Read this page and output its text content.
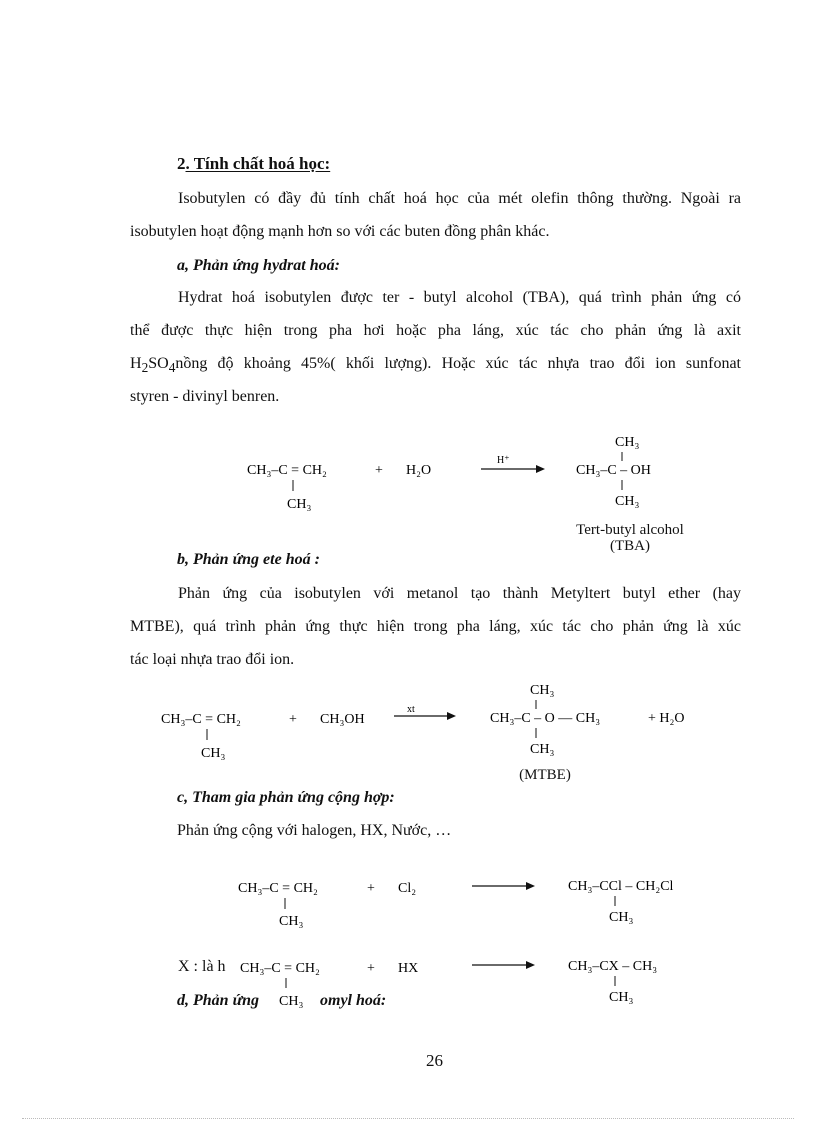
2. Tính chất hoá học:
Isobutylen có đầy đủ tính chất hoá học của mét olefin thông thường. Ngoài ra
isobutylen hoạt động mạnh hơn so với các buten đồng phân khác.
a, Phản ứng hydrat hoá:
Hydrat hoá isobutylen được ter - butyl alcohol (TBA), quá trình phản ứng có
thể được thực hiện trong pha hơi hoặc pha láng, xúc tác cho phản ứng là axit
$H_2SO_4nồng$ độ khoảng 45%( khối lượng). Hoặc xúc tác nhựa trao đổi ion sunfonat
styren - divinyl benren.
CH₃–C = CH₂
CH₃
+ H₂O
H⁺
CH₃
CH₃–C – OH
CH₃
CH₃–C = CH₂
CH₃
+ CH₃OH
xt
CH₃
CH₃–C – O — CH₃	+ H₂O
CH₃
CH₃–C = CH₂
CH₃
+ Cl₂	CH₃–CCl – CH₂Cl
CH₃
CH₃–C = CH₂
CH₃
+ HX	CH₃–CX – CH₃
CH₃
Tert-butyl alcohol
(TBA)
b, Phản ứng ete hoá :
Phản ứng của isobutylen với metanol tạo thành Metyltert butyl ether (hay
MTBE), quá trình phản ứng thực hiện trong pha láng, xúc tác cho phản ứng là xúc
tác loại nhựa trao đổi ion.
(MTBE)
c, Tham gia phản ứng cộng hợp:
Phản ứng cộng với halogen, HX, Nước, …
X : là h
d, Phản ứng	omyl hoá:
26
